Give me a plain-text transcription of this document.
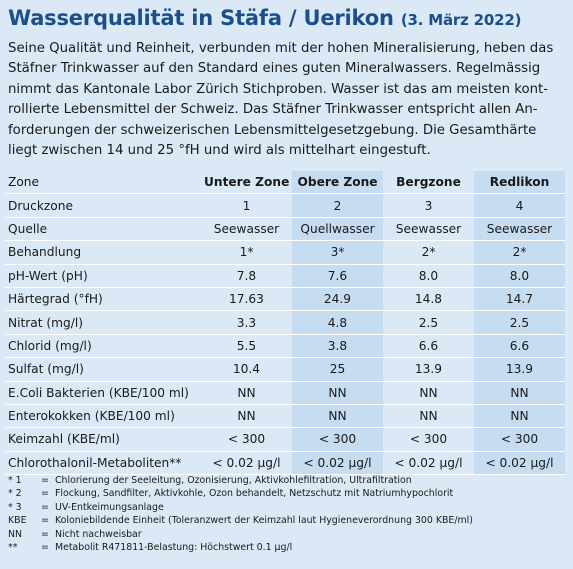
Wasserqualität in Stäfa / Uerikon (3. März 2022)

Seine Qualität und Reinheit, verbunden mit der hohen Mineralisierung, heben das
Stäfner Trinkwasser auf den Standard eines guten Mineralwassers. Regelmässig
nimmt das Kantonale Labor Zürich Stichproben. Wasser ist das am meisten kont-
rollierte Lebensmittel der Schweiz. Das Stäfner Trinkwasser entspricht allen An-
forderungen der schweizerischen Lebensmittelgesetzgebung. Die Gesamthärte
liegt zwischen 14 und 25 °fH und wird als mittelhart eingestuft.

Zone	Untere Zone	Obere Zone	Bergzone	Redlikon
Druckzone	1	2	3	4
Quelle	Seewasser	Quellwasser	Seewasser	Seewasser
Behandlung	1*	3*	2*	2*
pH-Wert (pH)	7.8	7.6	8.0	8.0
Härtegrad (°fH)	17.63	24.9	14.8	14.7
Nitrat (mg/l)	3.3	4.8	2.5	2.5
Chlorid (mg/l)	5.5	3.8	6.6	6.6
Sulfat (mg/l)	10.4	25	13.9	13.9
E.Coli Bakterien (KBE/100 ml)	NN	NN	NN	NN
Enterokokken (KBE/100 ml)	NN	NN	NN	NN
Keimzahl (KBE/ml)	< 300	< 300	< 300	< 300
Chlorothalonil-Metaboliten**	< 0.02 µg/l	< 0.02 µg/l	< 0.02 µg/l	< 0.02 µg/l
* 1	= Chlorierung der Seeleitung, Ozonisierung, Aktivkohlefiltration, Ultrafiltration
* 2	= Flockung, Sandfilter, Aktivkohle, Ozon behandelt, Netzschutz mit Natriumhypochlorit
* 3	= UV-Entkeimungsanlage
KBE	= Koloniebildende Einheit (Toleranzwert der Keimzahl laut Hygieneverordnung 300 KBE/ml)
NN	= Nicht nachweisbar
**	= Metabolit R471811-Belastung: Höchstwert 0.1 µg/l
